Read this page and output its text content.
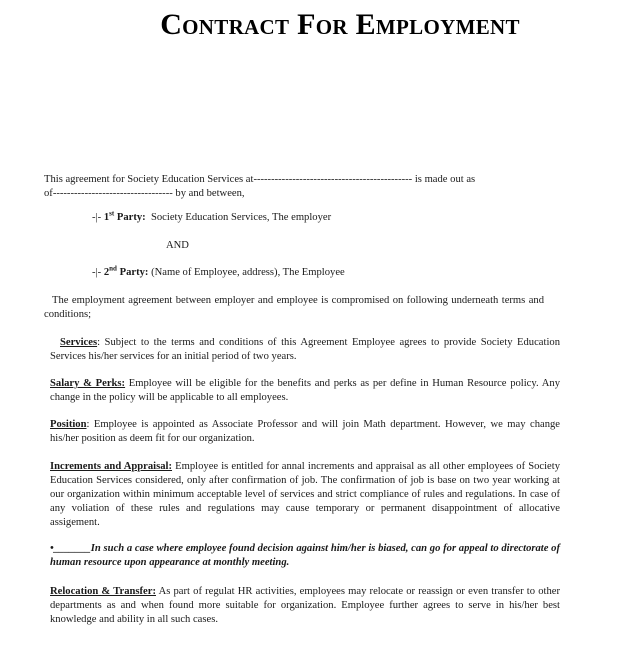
Contract For Employment
This agreement for Society Education Services at--------------------------------------------- is made out as
of---------------------------------- by and between,
-|- 1st Party: Society Education Services, The employer
AND
-|- 2nd Party: (Name of Employee, address), The Employee
The employment agreement between employer and employee is compromised on following underneath terms and conditions;
Services: Subject to the terms and conditions of this Agreement Employee agrees to provide Society Education Services his/her services for an initial period of two years.
Salary & Perks: Employee will be eligible for the benefits and perks as per define in Human Resource policy. Any change in the policy will be applicable to all employees.
Position: Employee is appointed as Associate Professor and will join Math department. However, we may change his/her position as deem fit for our organization.
Increments and Appraisal: Employee is entitled for annal increments and appraisal as all other employees of Society Education Services considered, only after confirmation of job. The confirmation of job is base on two year working at our organization within minimum acceptable level of services and strict compliance of rules and regulations. In case of any voliation of these rules and regulations may cause temporary or permanent disappointment of allocative assigement.
•_______In such a case where employee found decision against him/her is biased, can go for appeal to directorate of human resource upon appearance at monthly meeting.
Relocation & Transfer: As part of regulat HR activities, employees may relocate or reassign or even transfer to other departments as and when found more suitable for organization. Employee further agrees to serve in his/her best knowledge and ability in all such cases.
